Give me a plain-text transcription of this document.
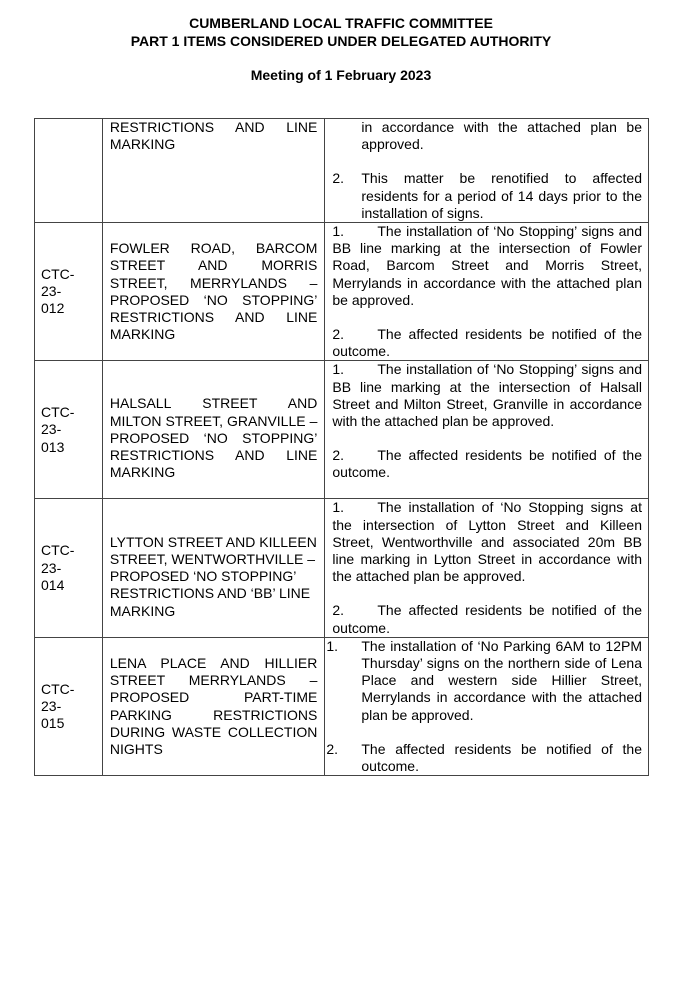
CUMBERLAND LOCAL TRAFFIC COMMITTEE
PART 1 ITEMS CONSIDERED UNDER DELEGATED AUTHORITY
Meeting of 1 February 2023

	RESTRICTIONS AND LINE MARKING	in accordance with the attached plan be approved.
2. This matter be renotified to affected residents for a period of 14 days prior to the installation of signs.

CTC-23-012	FOWLER ROAD, BARCOM STREET AND MORRIS STREET, MERRYLANDS – PROPOSED ‘NO STOPPING’ RESTRICTIONS AND LINE MARKING	1. The installation of ‘No Stopping’ signs and BB line marking at the intersection of Fowler Road, Barcom Street and Morris Street, Merrylands in accordance with the attached plan be approved.
2. The affected residents be notified of the outcome.

CTC-23-013	HALSALL STREET AND MILTON STREET, GRANVILLE – PROPOSED ‘NO STOPPING’ RESTRICTIONS AND LINE MARKING	1. The installation of ‘No Stopping’ signs and BB line marking at the intersection of Halsall Street and Milton Street, Granville in accordance with the attached plan be approved.
2. The affected residents be notified of the outcome.

CTC-23-014	LYTTON STREET AND KILLEEN STREET, WENTWORTHVILLE – PROPOSED ‘NO STOPPING’ RESTRICTIONS AND ‘BB’ LINE MARKING	1. The installation of ‘No Stopping signs at the intersection of Lytton Street and Killeen Street, Wentworthville and associated 20m BB line marking in Lytton Street in accordance with the attached plan be approved.
2. The affected residents be notified of the outcome.

CTC-23-015	LENA PLACE AND HILLIER STREET MERRYLANDS – PROPOSED PART-TIME PARKING RESTRICTIONS DURING WASTE COLLECTION NIGHTS	1. The installation of ‘No Parking 6AM to 12PM Thursday’ signs on the northern side of Lena Place and western side Hillier Street, Merrylands in accordance with the attached plan be approved.
2. The affected residents be notified of the outcome.
